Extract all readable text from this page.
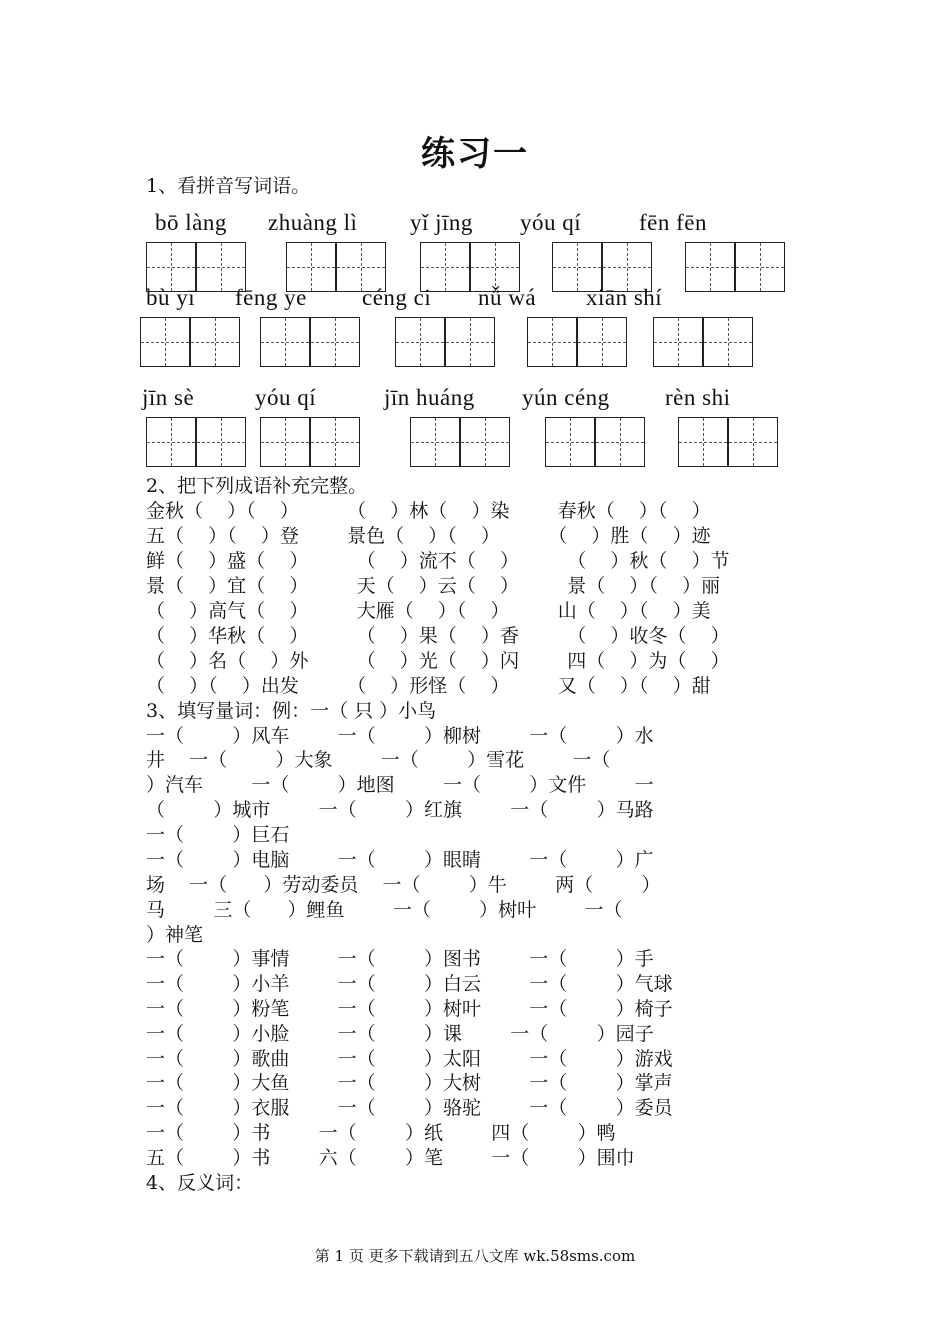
练习一
1、看拼音写词语。
bō làng zhuàng lì yǐ jīng yóu qí	fēn fēn
bù yī fēng ye céng ci nǚ wá xiān shí
jīn sè	yóu qí	jīn huáng yún céng rèn shi
2、把下列成语补充完整。
金秋（    ）（    ）        （    ）林（    ）染        春秋（    ）（    ）
五（    ）（    ）登        景色（    ）（    ）        （    ）胜（    ）迹
鲜（    ）盛（    ）        （    ）流不（    ）        （    ）秋（    ）节
景（    ）宜（    ）        天（    ）云（    ）        景（    ）（    ）丽
（    ）高气（    ）        大雁（    ）（    ）        山（    ）（    ）美
（    ）华秋（    ）        （    ）果（    ）香        （    ）收冬（    ）
（    ）名（    ）外        （    ）光（    ）闪        四（    ）为（    ）
（    ）（    ）出发        （    ）形怪（    ）        又（    ）（    ）甜
3、填写量词：例：一（ 只 ）小鸟
一（        ）风车        一（        ）柳树        一（        ）水
井    一（        ）大象        一（        ）雪花        一（
）汽车        一（        ）地图        一（        ）文件        一
（        ）城市        一（        ）红旗        一（        ）马路
一（        ）巨石
一（        ）电脑        一（        ）眼睛        一（        ）广
场    一（      ）劳动委员    一（        ）牛        两（        ）
马        三（      ）鲤鱼        一（        ）树叶        一（
）神笔
一（        ）事情        一（        ）图书        一（        ）手
一（        ）小羊        一（        ）白云        一（        ）气球
一（        ）粉笔        一（        ）树叶        一（        ）椅子
一（        ）小脸        一（        ）课        一（        ）园子
一（        ）歌曲        一（        ）太阳        一（        ）游戏
一（        ）大鱼        一（        ）大树        一（        ）掌声
一（        ）衣服        一（        ）骆驼        一（        ）委员
一（        ）书        一（        ）纸        四（        ）鸭
五（        ）书        六（        ）笔        一（        ）围巾
4、反义词：
第 1 页 更多下载请到五八文库 wk.58sms.com
